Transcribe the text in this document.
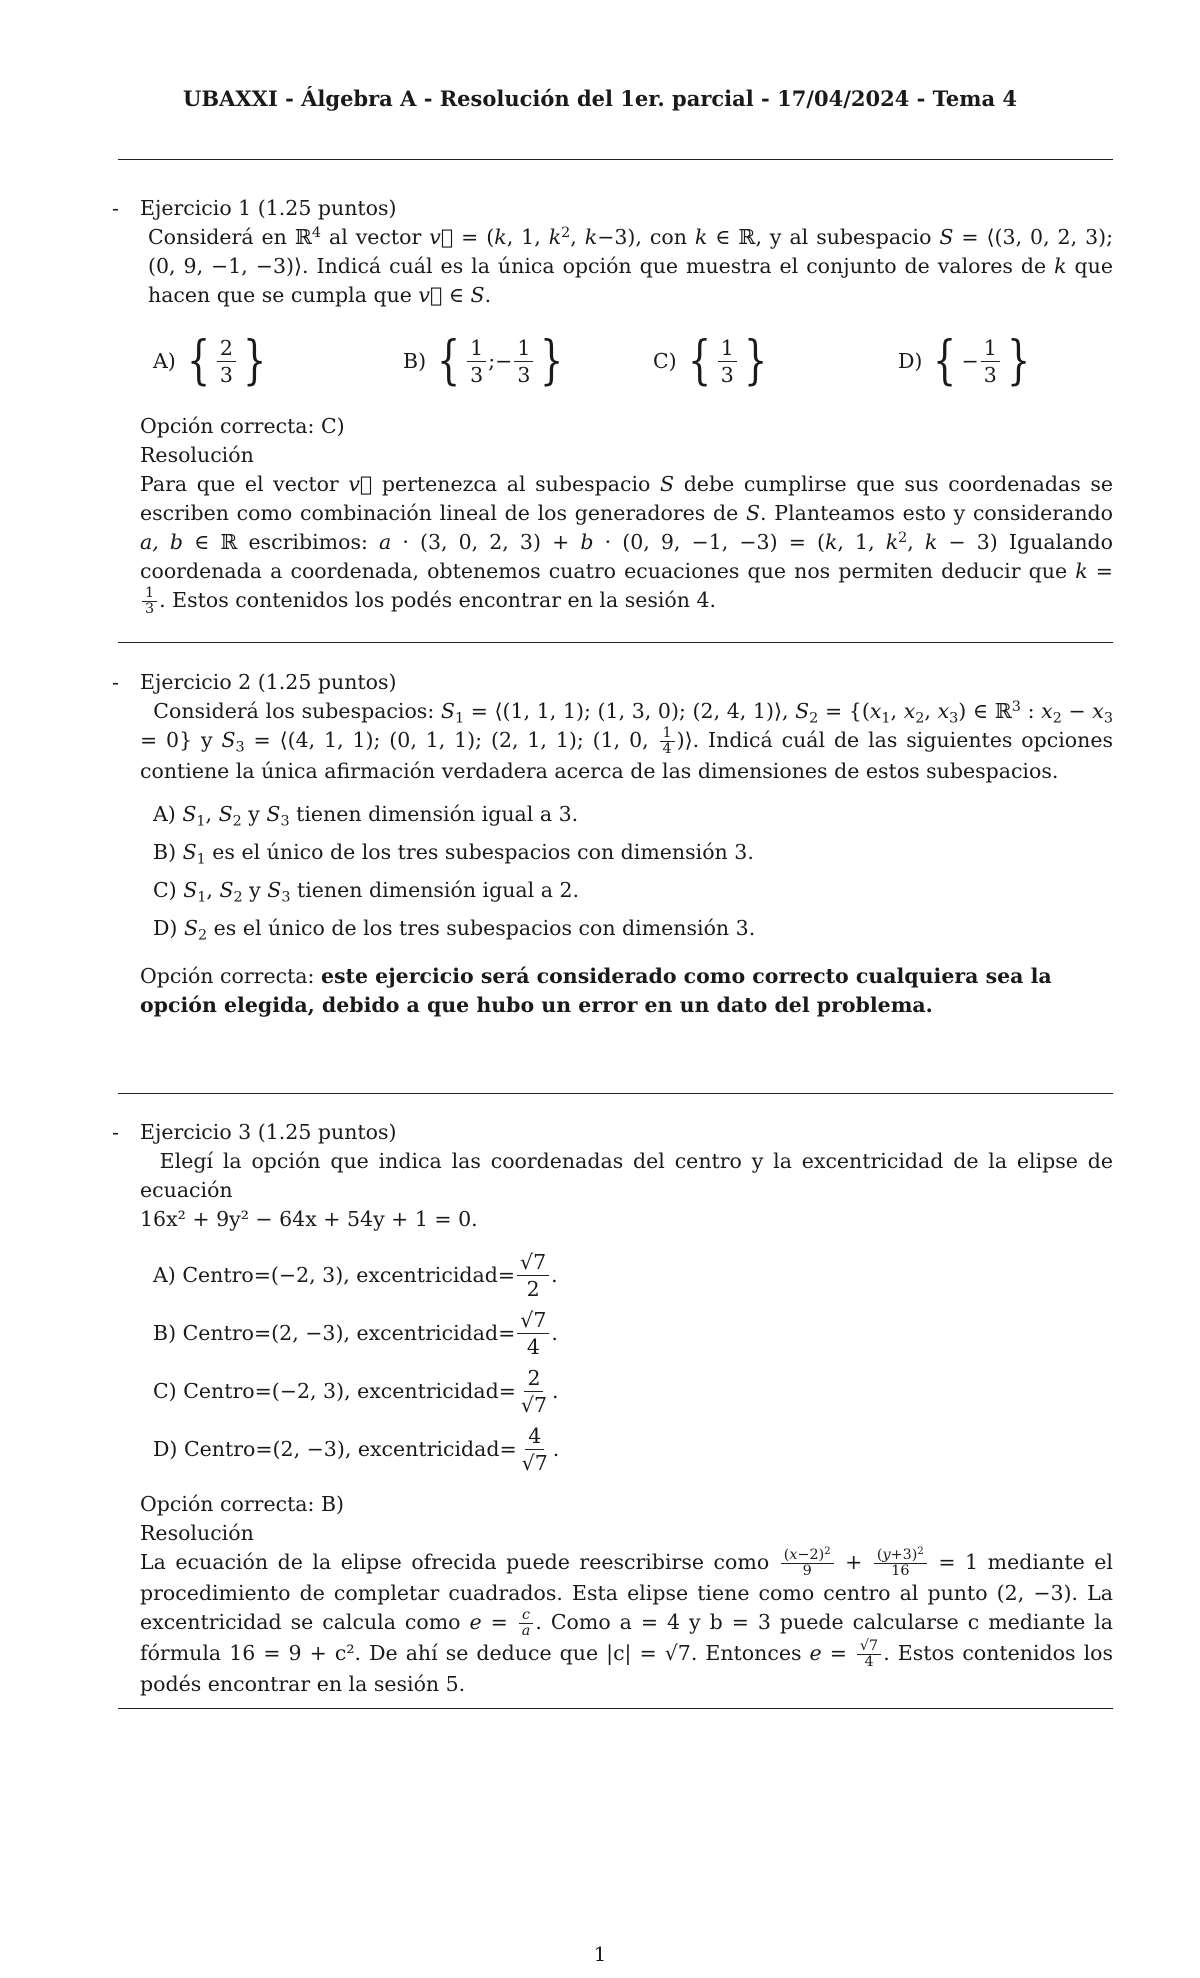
UBAXXI - Álgebra A - Resolución del 1er. parcial - 17/04/2024 - Tema 4
- Ejercicio 1 (1.25 puntos)
Considerá en ℝ$^4$ al vector v⃗ = (k, 1, $k^2$, k−3), con k ∈ ℝ, y al subespacio S = ⟨(3, 0, 2, 3); (0, 9, −1, −3)⟩. Indicá cuál es la única opción que muestra el conjunto de valores de k que hacen que se cumpla que v⃗ ∈ S.
A) { $\frac{2}{3}$ }	B) { $\frac{1}{3}$ ; − $\frac{1}{3}$ }	C) { $\frac{1}{3}$ }	D) { − $\frac{1}{3}$ }
Opción correcta: C)
Resolución
Para que el vector v⃗ pertenezca al subespacio S debe cumplirse que sus coordenadas se escriben como combinación lineal de los generadores de S. Planteamos esto y considerando a, b ∈ ℝ escribimos: a · (3, 0, 2, 3) + b · (0, 9, −1, −3) = (k, 1, $k^2$, k − 3) Igualando coordenada a coordenada, obtenemos cuatro ecuaciones que nos permiten deducir que k =
$\frac{1}{3}$ . Estos contenidos los podés encontrar en la sesión 4.
- Ejercicio 2 (1.25 puntos)
Considerá los subespacios: $S_1$ = ⟨(1, 1, 1); (1, 3, 0); (2, 4, 1)⟩, $S_2 = \{(x_1$, $x_2$, $x_3$) ∈ ℝ$^3$ : $x_2 - x_3 = 0$} y $S_3$ = ⟨(4, 1, 1); (0, 1, 1); (2, 1, 1); (1, 0, $\frac{1}{4}$ )⟩. Indicá cuál de las siguientes opciones contiene la única afirmación verdadera acerca de las dimensiones de estos subespacios.
A) $S_1$, $S_2$ y $S_3$ tienen dimensión igual a 3.
B) $S_1$ es el único de los tres subespacios con dimensión 3.
C) $S_1$, $S_2$ y $S_3$ tienen dimensión igual a 2.
D) $S_2$ es el único de los tres subespacios con dimensión 3.
Opción correcta: este ejercicio será considerado como correcto cualquiera sea la opción elegida, debido a que hubo un error en un dato del problema.
- Ejercicio 3 (1.25 puntos)
Elegí la opción que indica las coordenadas del centro y la excentricidad de la elipse de ecuación
16x² + 9y² − 64x + 54y + 1 = 0.
A)
Centro=(−2, 3), excentricidad= $\frac{√7}{2}$ .
B)
Centro=(2, −3), excentricidad= $\frac{√7}{4}$ .
C)
Centro=(−2, 3), excentricidad= $\frac{2}{√7}$ .
D)
Centro=(2, −3), excentricidad= $\frac{4}{√7}$ .
Opción correcta: B)
Resolución
La ecuación de la elipse ofrecida puede reescribirse como $\frac{(x-2)^2}{9} + \frac{(y+3)^2}{16} = 1$ mediante el procedimiento de completar cuadrados. Esta elipse tiene como centro al punto (2, −3). La excentricidad se calcula como $e = \frac{c}{a}$ . Como a = 4 y b = 3 puede calcularse c mediante la fórmula 16 = 9 + c². De ahí se deduce que |c| = √7. Entonces $e = \frac{√7}{4}$ . Estos contenidos los podés encontrar en la sesión 5.
1
